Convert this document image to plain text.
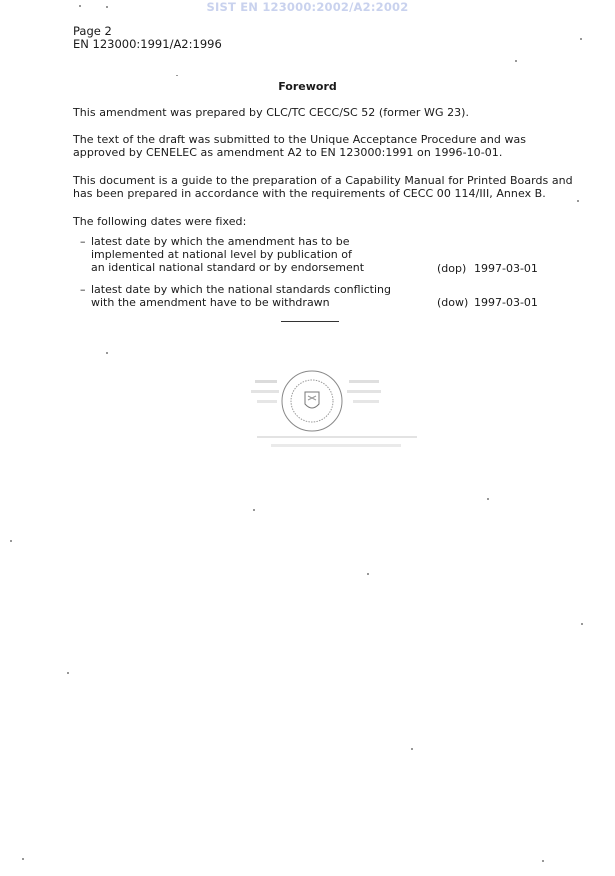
SIST EN 123000:2002/A2:2002
Page 2
EN 123000:1991/A2:1996
Foreword
This amendment was prepared by CLC/TC CECC/SC 52 (former WG 23).
The text of the draft was submitted to the Unique Acceptance Procedure and was
approved by CENELEC as amendment A2 to EN 123000:1991 on 1996-10-01.
This document is a guide to the preparation of a Capability Manual for Printed Boards and
has been prepared in accordance with the requirements of CECC 00 114/III, Annex B.
The following dates were fixed:
– latest date by which the amendment has to be
implemented at national level by publication of
an identical national standard or by endorsement	(dop) 1997-03-01
– latest date by which the national standards conflicting
with the amendment have to be withdrawn	(dow) 1997-03-01
